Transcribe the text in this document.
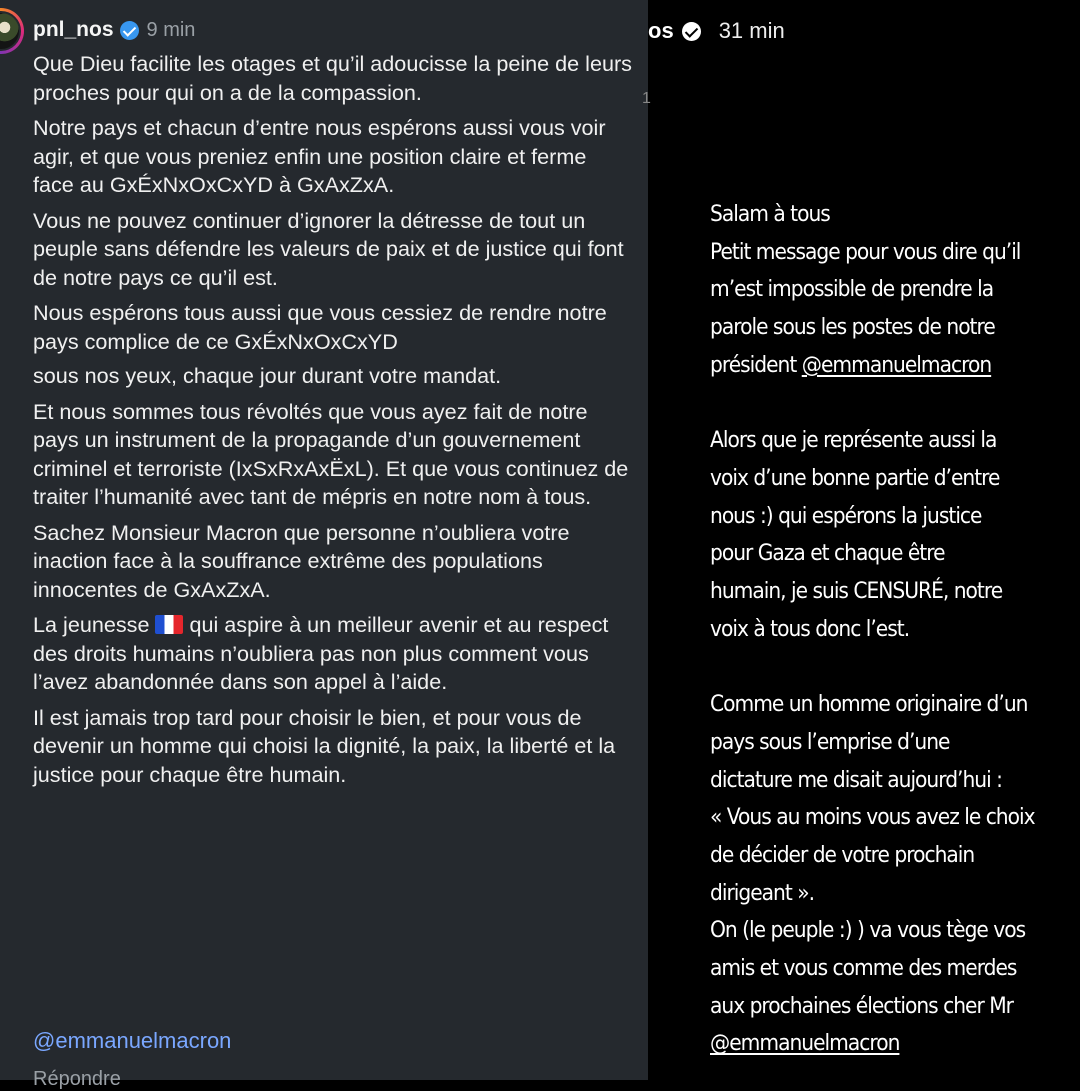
pnl_nos 9 min

Que Dieu facilite les otages et qu’il adoucisse la peine de leurs proches pour qui on a de la compassion.

Notre pays et chacun d’entre nous espérons aussi vous voir agir, et que vous preniez enfin une position claire et ferme face au GxÉxNxOxCxYD à GxAxZxA.

Vous ne pouvez continuer d’ignorer la détresse de tout un peuple sans défendre les valeurs de paix et de justice qui font de notre pays ce qu’il est.

Nous espérons tous aussi que vous cessiez de rendre notre pays complice de ce GxÉxNxOxCxYD

sous nos yeux, chaque jour durant votre mandat.

Et nous sommes tous révoltés que vous ayez fait de notre pays un instrument de la propagande d’un gouvernement criminel et terroriste (IxSxRxAxËxL). Et que vous continuez de traiter l’humanité avec tant de mépris en notre nom à tous.

Sachez Monsieur Macron que personne n’oubliera votre inaction face à la souffrance extrême des populations innocentes de GxAxZxA.

La jeunesse qui aspire à un meilleur avenir et au respect des droits humains n’oubliera pas non plus comment vous l’avez abandonnée dans son appel à l’aide.

Il est jamais trop tard pour choisir le bien, et pour vous de devenir un homme qui choisi la dignité, la paix, la liberté et la justice pour chaque être humain.

@emmanuelmacron
Répondre
os 31 min
1
Salam à tous
Petit message pour vous dire qu’il
m’est impossible de prendre la
parole sous les postes de notre
président @emmanuelmacron
Alors que je représente aussi la
voix d’une bonne partie d’entre
nous :) qui espérons la justice
pour Gaza et chaque être
humain, je suis CENSURÉ, notre
voix à tous donc l’est.
Comme un homme originaire d’un
pays sous l’emprise d’une
dictature me disait aujourd’hui :
« Vous au moins vous avez le choix
de décider de votre prochain
dirigeant ».
On (le peuple :) ) va vous tège vos
amis et vous comme des merdes
aux prochaines élections cher Mr
@emmanuelmacron
